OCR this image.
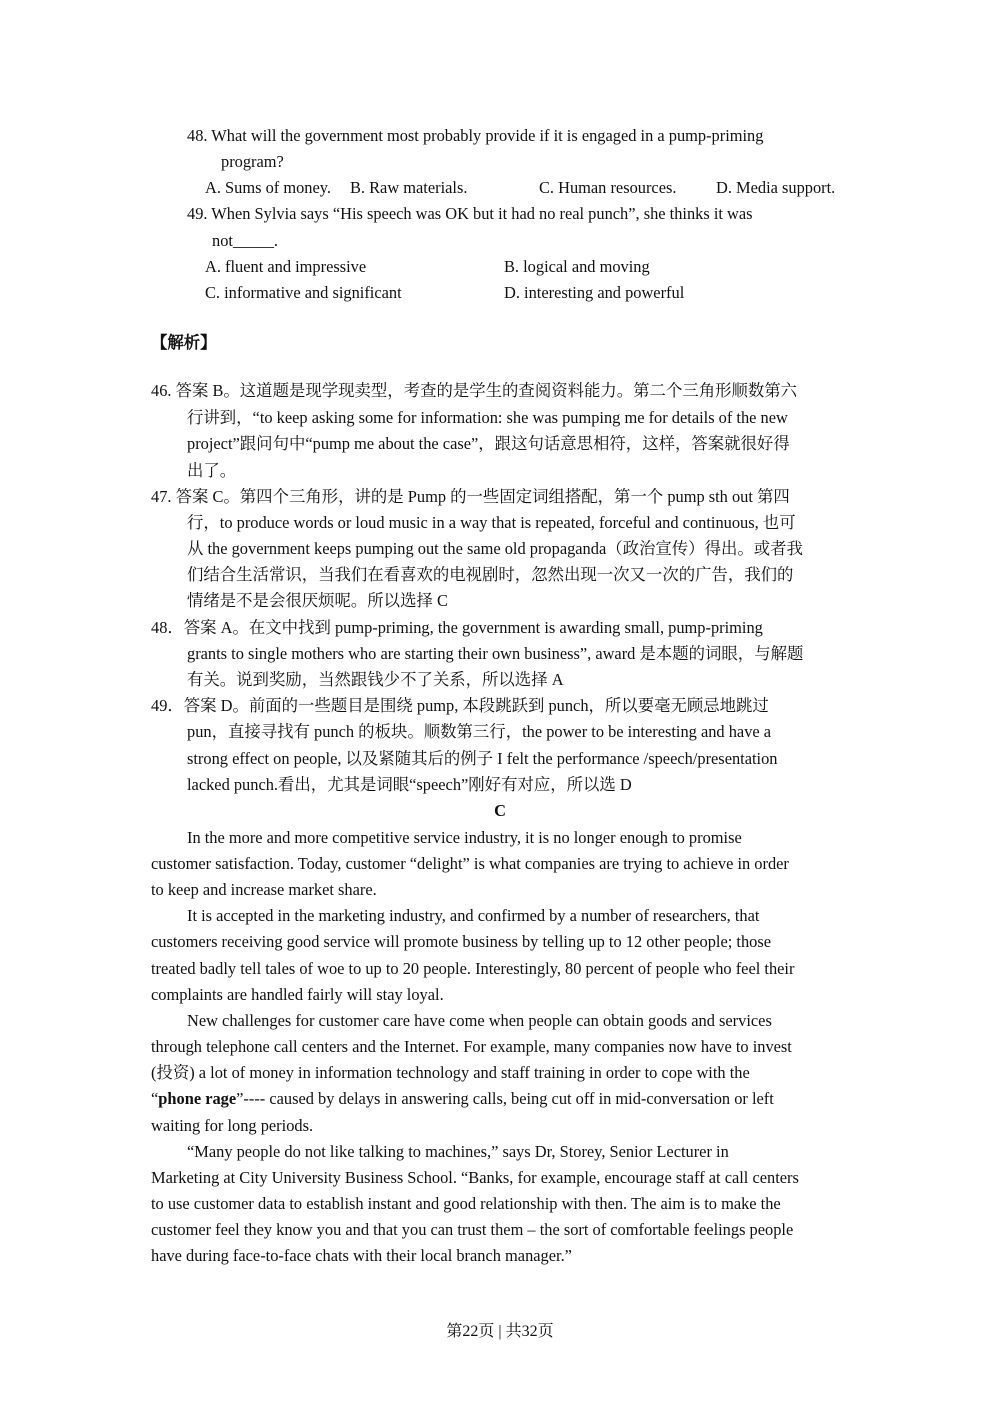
48. What will the government most probably provide if it is engaged in a pump-priming
program?
A. Sums of money. B. Raw materials.	C. Human resources. D. Media support.
49. When Sylvia says “His speech was OK but it had no real punch”, she thinks it was
not_____.
A. fluent and impressive	B. logical and moving
C. informative and significant	D. interesting and powerful
【解析】
46. 答案 B。这道题是现学现卖型，考查的是学生的查阅资料能力。第二个三角形顺数第六
行讲到，“to keep asking some for information: she was pumping me for details of the new
project”跟问句中“pump me about the case”，跟这句话意思相符，这样，答案就很好得
出了。
47. 答案 C。第四个三角形，讲的是 Pump 的一些固定词组搭配，第一个 pump sth out 第四
行，to produce words or loud music in a way that is repeated, forceful and continuous, 也可
从 the government keeps pumping out the same old propaganda（政治宣传）得出。或者我
们结合生活常识，当我们在看喜欢的电视剧时，忽然出现一次又一次的广告，我们的
情绪是不是会很厌烦呢。所以选择 C
48．答案 A。在文中找到 pump-priming, the government is awarding small, pump-priming
grants to single mothers who are starting their own business”, award 是本题的词眼，与解题
有关。说到奖励，当然跟钱少不了关系，所以选择 A
49．答案 D。前面的一些题目是围绕 pump, 本段跳跃到 punch，所以要毫无顾忌地跳过
pun，直接寻找有 punch 的板块。顺数第三行，the power to be interesting and have a
strong effect on people, 以及紧随其后的例子 I felt the performance /speech/presentation
lacked punch.看出，尤其是词眼“speech”刚好有对应，所以选 D
C
In the more and more competitive service industry, it is no longer enough to promise
customer satisfaction. Today, customer “delight” is what companies are trying to achieve in order
to keep and increase market share.
It is accepted in the marketing industry, and confirmed by a number of researchers, that
customers receiving good service will promote business by telling up to 12 other people; those
treated badly tell tales of woe to up to 20 people. Interestingly, 80 percent of people who feel their
complaints are handled fairly will stay loyal.
New challenges for customer care have come when people can obtain goods and services
through telephone call centers and the Internet. For example, many companies now have to invest
(投资) a lot of money in information technology and staff training in order to cope with the
“phone rage”---- caused by delays in answering calls, being cut off in mid-conversation or left
waiting for long periods.
“Many people do not like talking to machines,” says Dr, Storey, Senior Lecturer in
Marketing at City University Business School. “Banks, for example, encourage staff at call centers
to use customer data to establish instant and good relationship with then. The aim is to make the
customer feel they know you and that you can trust them – the sort of comfortable feelings people
have during face-to-face chats with their local branch manager.”
第22页 | 共32页
